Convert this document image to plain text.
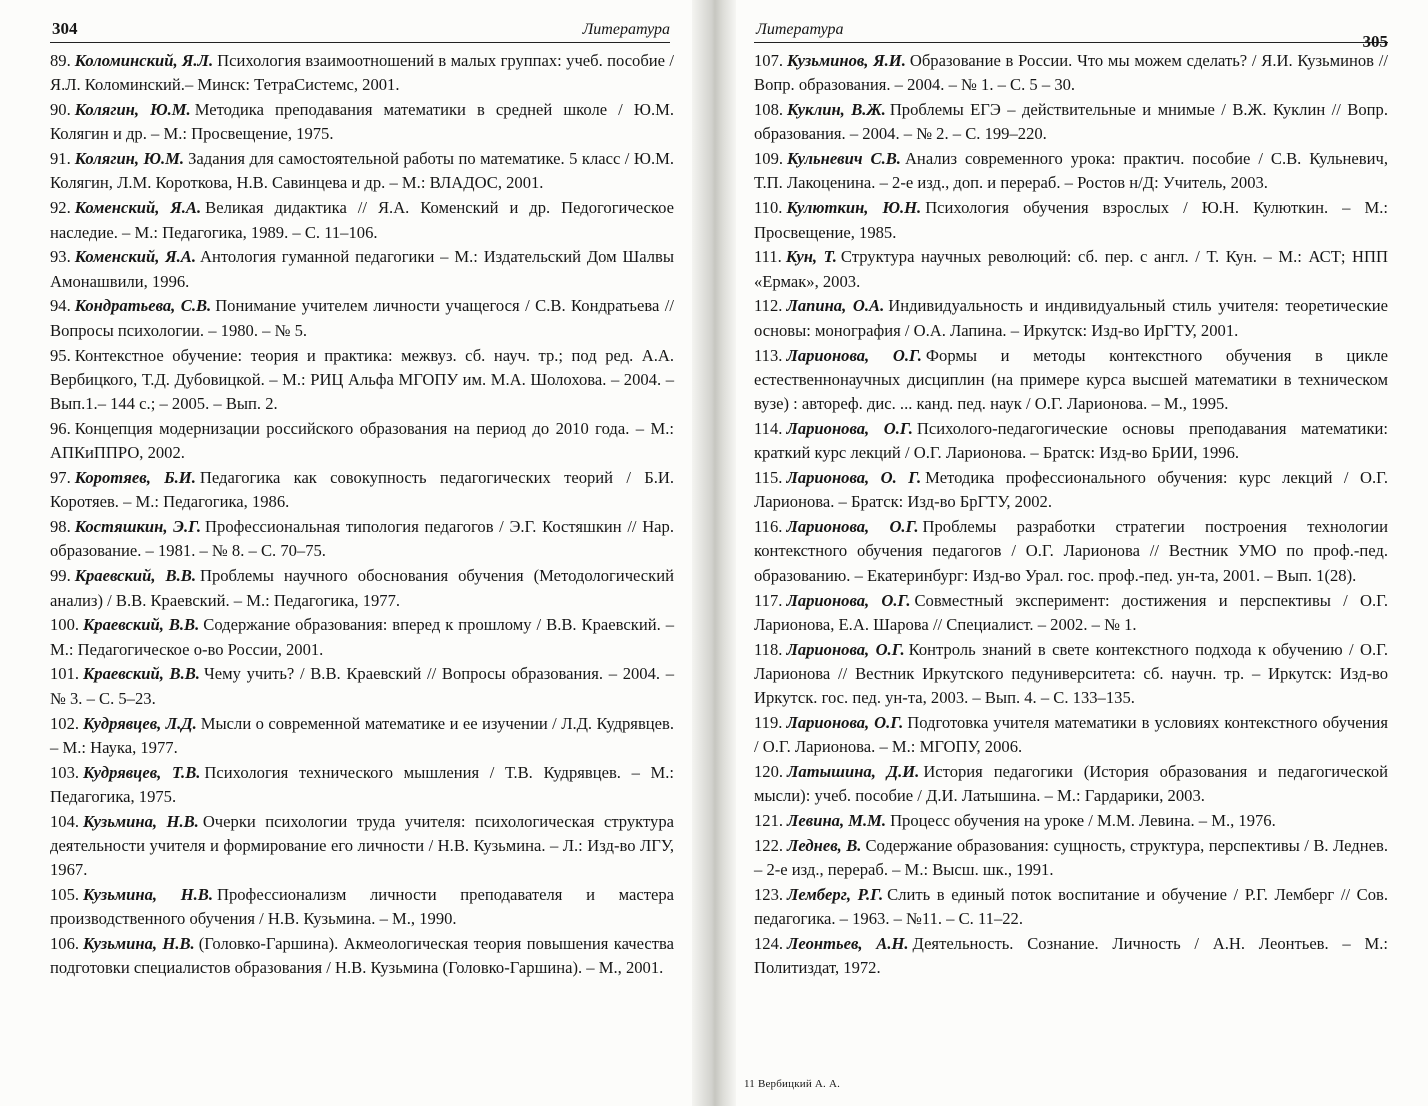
304	Литература
89. Коломинский, Я.Л. Психология взаимоотношений в малых группах: учеб. пособие / Я.Л. Коломинский.– Минск: ТетраСистемс, 2001.
90. Колягин, Ю.М. Методика преподавания математики в средней школе / Ю.М. Колягин и др. – М.: Просвещение, 1975.
91. Колягин, Ю.М. Задания для самостоятельной работы по математике. 5 класс / Ю.М. Колягин, Л.М. Короткова, Н.В. Савинцева и др. – М.: ВЛАДОС, 2001.
92. Коменский, Я.А. Великая дидактика // Я.А. Коменский и др. Педогогическое наследие. – М.: Педагогика, 1989. – С. 11–106.
93. Коменский, Я.А. Антология гуманной педагогики – М.: Издательский Дом Шалвы Амонашвили, 1996.
94. Кондратьева, С.В. Понимание учителем личности учащегося / С.В. Кондратьева // Вопросы психологии. – 1980. – № 5.
95. Контекстное обучение: теория и практика: межвуз. сб. науч. тр.; под ред. А.А. Вербицкого, Т.Д. Дубовицкой. – М.: РИЦ Альфа МГОПУ им. М.А. Шолохова. – 2004. – Вып.1.– 144 с.; – 2005. – Вып. 2.
96. Концепция модернизации российского образования на период до 2010 года. – М.: АПКиППРО, 2002.
97. Коротяев, Б.И. Педагогика как совокупность педагогических теорий / Б.И. Коротяев. – М.: Педагогика, 1986.
98. Костяшкин, Э.Г. Профессиональная типология педагогов / Э.Г. Костяшкин // Нар. образование. – 1981. – № 8. – С. 70–75.
99. Краевский, В.В. Проблемы научного обоснования обучения (Методологический анализ) / В.В. Краевский. – М.: Педагогика, 1977.
100. Краевский, В.В. Содержание образования: вперед к прошлому / В.В. Краевский. – М.: Педагогическое о-во России, 2001.
101. Краевский, В.В. Чему учить? / В.В. Краевский // Вопросы образования. – 2004. – № 3. – С. 5–23.
102. Кудрявцев, Л.Д. Мысли о современной математике и ее изучении / Л.Д. Кудрявцев. – М.: Наука, 1977.
103. Кудрявцев, Т.В. Психология технического мышления / Т.В. Кудрявцев. – М.: Педагогика, 1975.
104. Кузьмина, Н.В. Очерки психологии труда учителя: психологическая структура деятельности учителя и формирование его личности / Н.В. Кузьмина. – Л.: Изд-во ЛГУ, 1967.
105. Кузьмина, Н.В. Профессионализм личности преподавателя и мастера производственного обучения / Н.В. Кузьмина. – М., 1990.
106. Кузьмина, Н.В. (Головко-Гаршина). Акмеологическая теория повышения качества подготовки специалистов образования / Н.В. Кузьмина (Головко-Гаршина). – М., 2001.
Литература
305
107. Кузьминов, Я.И. Образование в России. Что мы можем сделать? / Я.И. Кузьминов // Вопр. образования. – 2004. – № 1. – С. 5 – 30.
108. Куклин, В.Ж. Проблемы ЕГЭ – действительные и мнимые / В.Ж. Куклин // Вопр. образования. – 2004. – № 2. – С. 199–220.
109. Кульневич С.В. Анализ современного урока: практич. пособие / С.В. Кульневич, Т.П. Лакоценина. – 2-е изд., доп. и перераб. – Ростов н/Д: Учитель, 2003.
110. Кулюткин, Ю.Н. Психология обучения взрослых / Ю.Н. Кулюткин. – М.: Просвещение, 1985.
111. Кун, Т. Структура научных революций: сб. пер. с англ. / Т. Кун. – М.: АСТ; НПП «Ермак», 2003.
112. Лапина, О.А. Индивидуальность и индивидуальный стиль учителя: теоретические основы: монография / О.А. Лапина. – Иркутск: Изд-во ИрГТУ, 2001.
113. Ларионова, О.Г. Формы и методы контекстного обучения в цикле естественнонаучных дисциплин (на примере курса высшей математики в техническом вузе) : автореф. дис. ... канд. пед. наук / О.Г. Ларионова. – М., 1995.
114. Ларионова, О.Г. Психолого-педагогические основы преподавания математики: краткий курс лекций / О.Г. Ларионова. – Братск: Изд-во БрИИ, 1996.
115. Ларионова, О. Г. Методика профессионального обучения: курс лекций / О.Г. Ларионова. – Братск: Изд-во БрГТУ, 2002.
116. Ларионова, О.Г. Проблемы разработки стратегии построения технологии контекстного обучения педагогов / О.Г. Ларионова // Вестник УМО по проф.-пед. образованию. – Екатеринбург: Изд-во Урал. гос. проф.-пед. ун-та, 2001. – Вып. 1(28).
117. Ларионова, О.Г. Совместный эксперимент: достижения и перспективы / О.Г. Ларионова, Е.А. Шарова // Специалист. – 2002. – № 1.
118. Ларионова, О.Г. Контроль знаний в свете контекстного подхода к обучению / О.Г. Ларионова // Вестник Иркутского педуниверситета: сб. научн. тр. – Иркутск: Изд-во Иркутск. гос. пед. ун-та, 2003. – Вып. 4. – С. 133–135.
119. Ларионова, О.Г. Подготовка учителя математики в условиях контекстного обучения / О.Г. Ларионова. – М.: МГОПУ, 2006.
120. Латышина, Д.И. История педагогики (История образования и педагогической мысли): учеб. пособие / Д.И. Латышина. – М.: Гардарики, 2003.
121. Левина, М.М. Процесс обучения на уроке / М.М. Левина. – М., 1976.
122. Леднев, В. Содержание образования: сущность, структура, перспективы / В. Леднев. – 2-е изд., перераб. – М.: Высш. шк., 1991.
123. Лемберг, Р.Г. Слить в единый поток воспитание и обучение / Р.Г. Лемберг // Сов. педагогика. – 1963. – №11. – С. 11–22.
124. Леонтьев, А.Н. Деятельность. Сознание. Личность / А.Н. Леонтьев. – М.: Политиздат, 1972.
11 Вербицкий А. А.
